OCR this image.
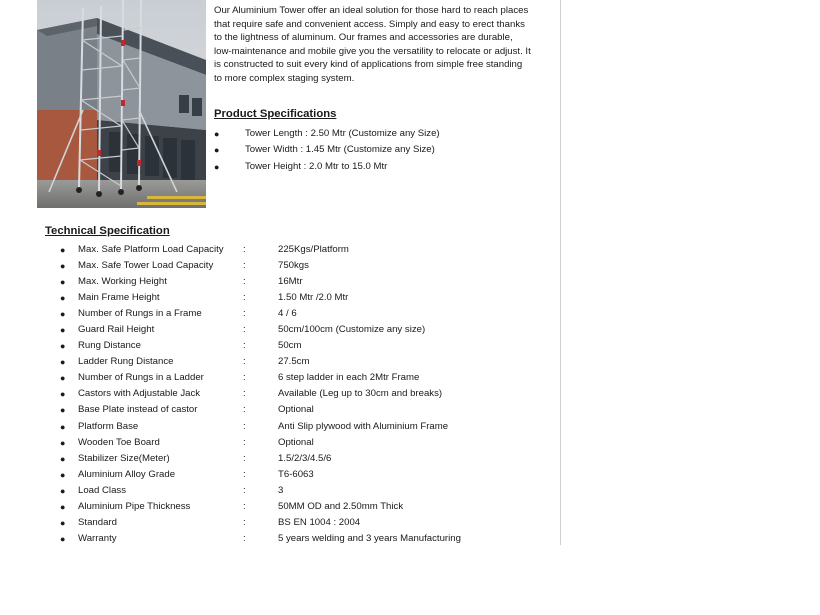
Our Aluminium Tower offer an ideal solution for those hard to reach places that require safe and convenient access. Simply and easy to erect thanks to the lightness of aluminum. Our frames and accessories are durable, low-maintenance and mobile give you the versatility to relocate or adjust. It is constructed to suit every kind of applications from simple free standing to more complex staging system.

Product Specifications
●	Tower Length : 2.50 Mtr (Customize any Size)
●	Tower Width : 1.45 Mtr (Customize any Size)
●	Tower Height : 2.0 Mtr to 15.0 Mtr
Technical Specification
● Max. Safe Platform Load Capacity :	225Kgs/Platform
● Max. Safe Tower Load Capacity	:	750kgs
● Max. Working Height	:	16Mtr
● Main Frame Height	:	1.50 Mtr /2.0 Mtr
● Number of Rungs in a Frame	:	4 / 6
● Guard Rail Height	:	50cm/100cm (Customize any size)
● Rung Distance	:	50cm
● Ladder Rung Distance	:	27.5cm
● Number of Rungs in a Ladder	:	6 step ladder in each 2Mtr Frame
● Castors with Adjustable Jack	:	Available (Leg up to 30cm and breaks)
● Base Plate instead of castor	:	Optional
● Platform Base	:	Anti Slip plywood with Aluminium Frame
● Wooden Toe Board	:	Optional
● Stabilizer Size(Meter)	:	1.5/2/3/4.5/6
● Aluminium Alloy Grade	:	T6-6063
● Load Class	:	3
● Aluminium Pipe Thickness	:	50MM OD and 2.50mm Thick
● Standard	:	BS EN 1004 : 2004
● Warranty	:	5 years welding and 3 years Manufacturing
